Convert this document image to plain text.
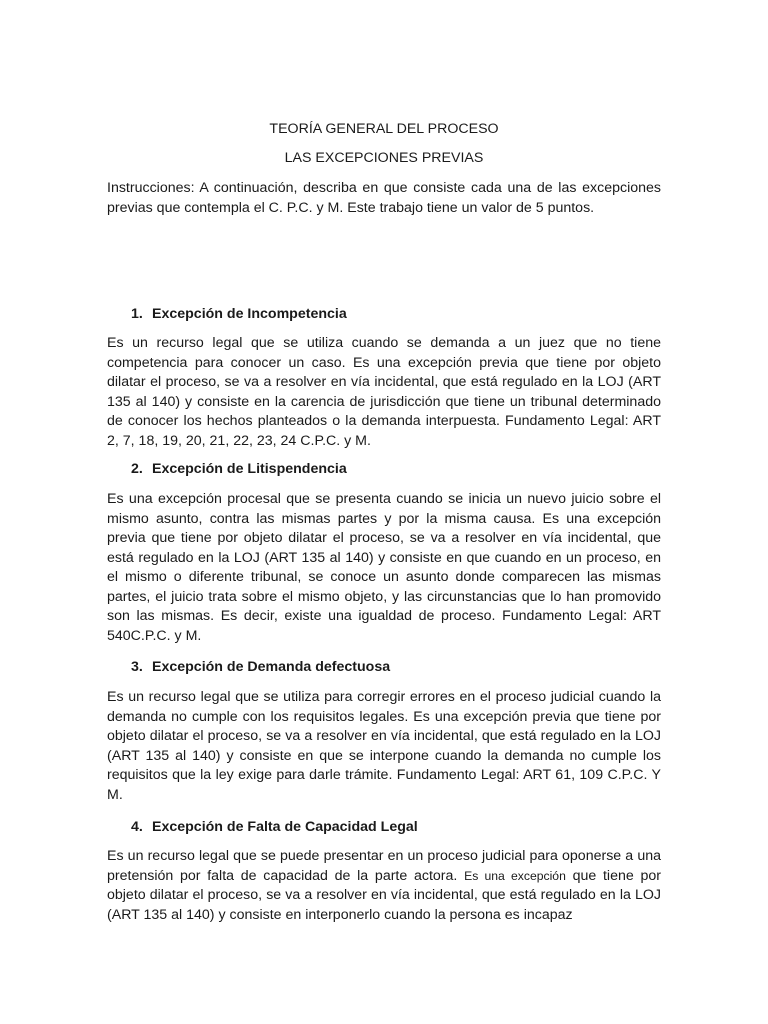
TEORÍA GENERAL DEL PROCESO
LAS EXCEPCIONES PREVIAS

Instrucciones: A continuación, describa en que consiste cada una de las excepciones previas que contempla el C. P.C. y M. Este trabajo tiene un valor de 5 puntos.

1. Excepción de Incompetencia

Es un recurso legal que se utiliza cuando se demanda a un juez que no tiene competencia para conocer un caso. Es una excepción previa que tiene por objeto dilatar el proceso, se va a resolver en vía incidental, que está regulado en la LOJ (ART 135 al 140) y consiste en la carencia de jurisdicción que tiene un tribunal determinado de conocer los hechos planteados o la demanda interpuesta. Fundamento Legal: ART 2, 7, 18, 19, 20, 21, 22, 23, 24 C.P.C. y M.

2. Excepción de Litispendencia

Es una excepción procesal que se presenta cuando se inicia un nuevo juicio sobre el mismo asunto, contra las mismas partes y por la misma causa. Es una excepción previa que tiene por objeto dilatar el proceso, se va a resolver en vía incidental, que está regulado en la LOJ (ART 135 al 140) y consiste en que cuando en un proceso, en el mismo o diferente tribunal, se conoce un asunto donde comparecen las mismas partes, el juicio trata sobre el mismo objeto, y las circunstancias que lo han promovido son las mismas. Es decir, existe una igualdad de proceso. Fundamento Legal: ART 540C.P.C. y M.

3. Excepción de Demanda defectuosa

Es un recurso legal que se utiliza para corregir errores en el proceso judicial cuando la demanda no cumple con los requisitos legales. Es una excepción previa que tiene por objeto dilatar el proceso, se va a resolver en vía incidental, que está regulado en la LOJ (ART 135 al 140) y consiste en que se interpone cuando la demanda no cumple los requisitos que la ley exige para darle trámite. Fundamento Legal: ART 61, 109 C.P.C. Y M.

4. Excepción de Falta de Capacidad Legal

Es un recurso legal que se puede presentar en un proceso judicial para oponerse a una pretensión por falta de capacidad de la parte actora. Es una excepción que tiene por objeto dilatar el proceso, se va a resolver en vía incidental, que está regulado en la LOJ (ART 135 al 140) y consiste en interponerlo cuando la persona es incapaz
